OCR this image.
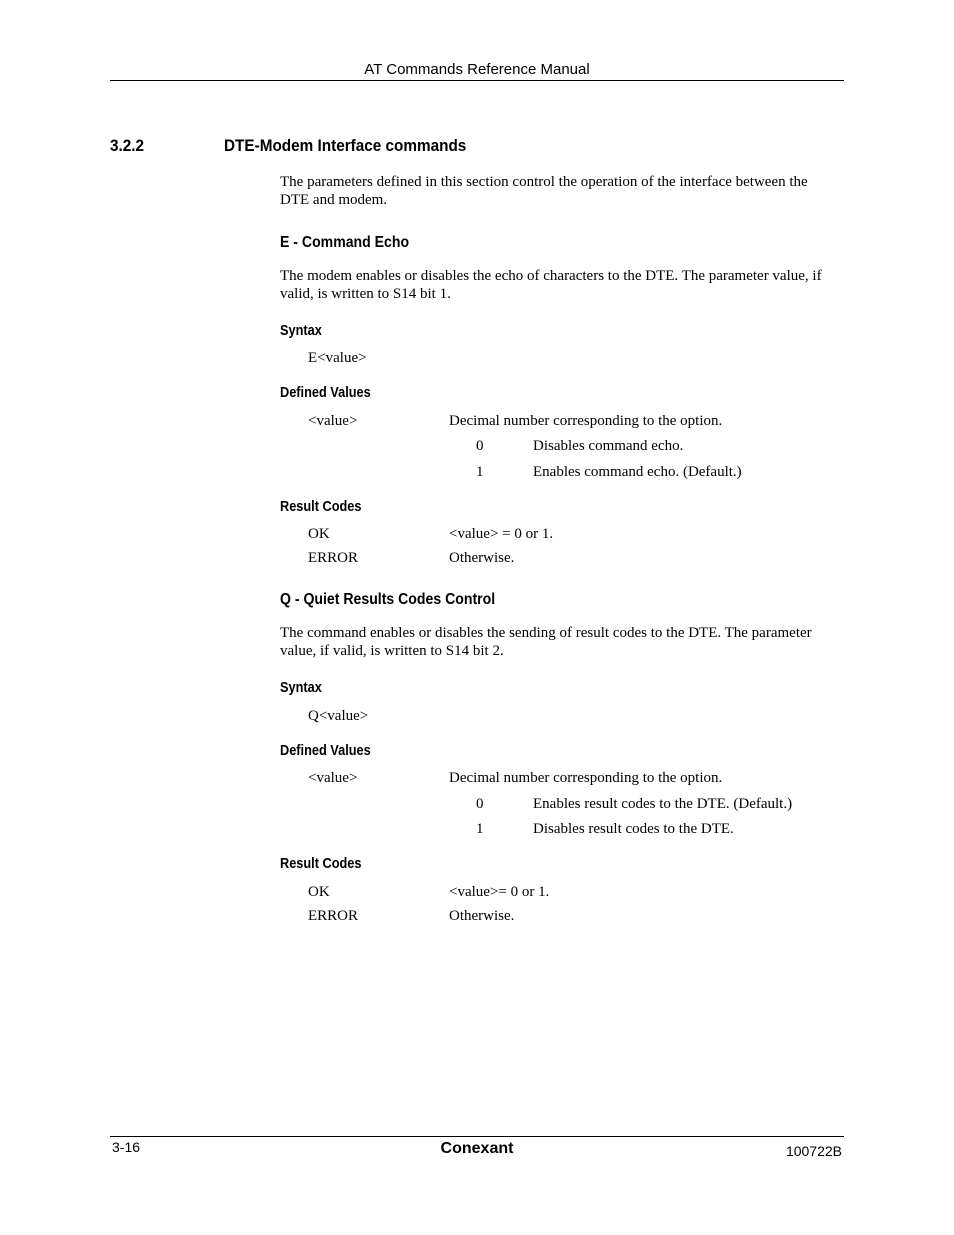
AT Commands Reference Manual
3.2.2	DTE-Modem Interface commands
The parameters defined in this section control the operation of the interface between the DTE and modem.
E - Command Echo
The modem enables or disables the echo of characters to the DTE. The parameter value, if valid, is written to S14 bit 1.
Syntax
E<value>
Defined Values
<value>	Decimal number corresponding to the option.
0	Disables command echo.
1	Enables command echo. (Default.)
Result Codes
OK	<value> = 0 or 1.
ERROR	Otherwise.
Q - Quiet Results Codes Control
The command enables or disables the sending of result codes to the DTE. The parameter value, if valid, is written to S14 bit 2.
Syntax
Q<value>
Defined Values
<value>	Decimal number corresponding to the option.
0	Enables result codes to the DTE. (Default.)
1	Disables result codes to the DTE.
Result Codes
OK	<value>= 0 or 1.
ERROR	Otherwise.
3-16	Conexant	100722B
